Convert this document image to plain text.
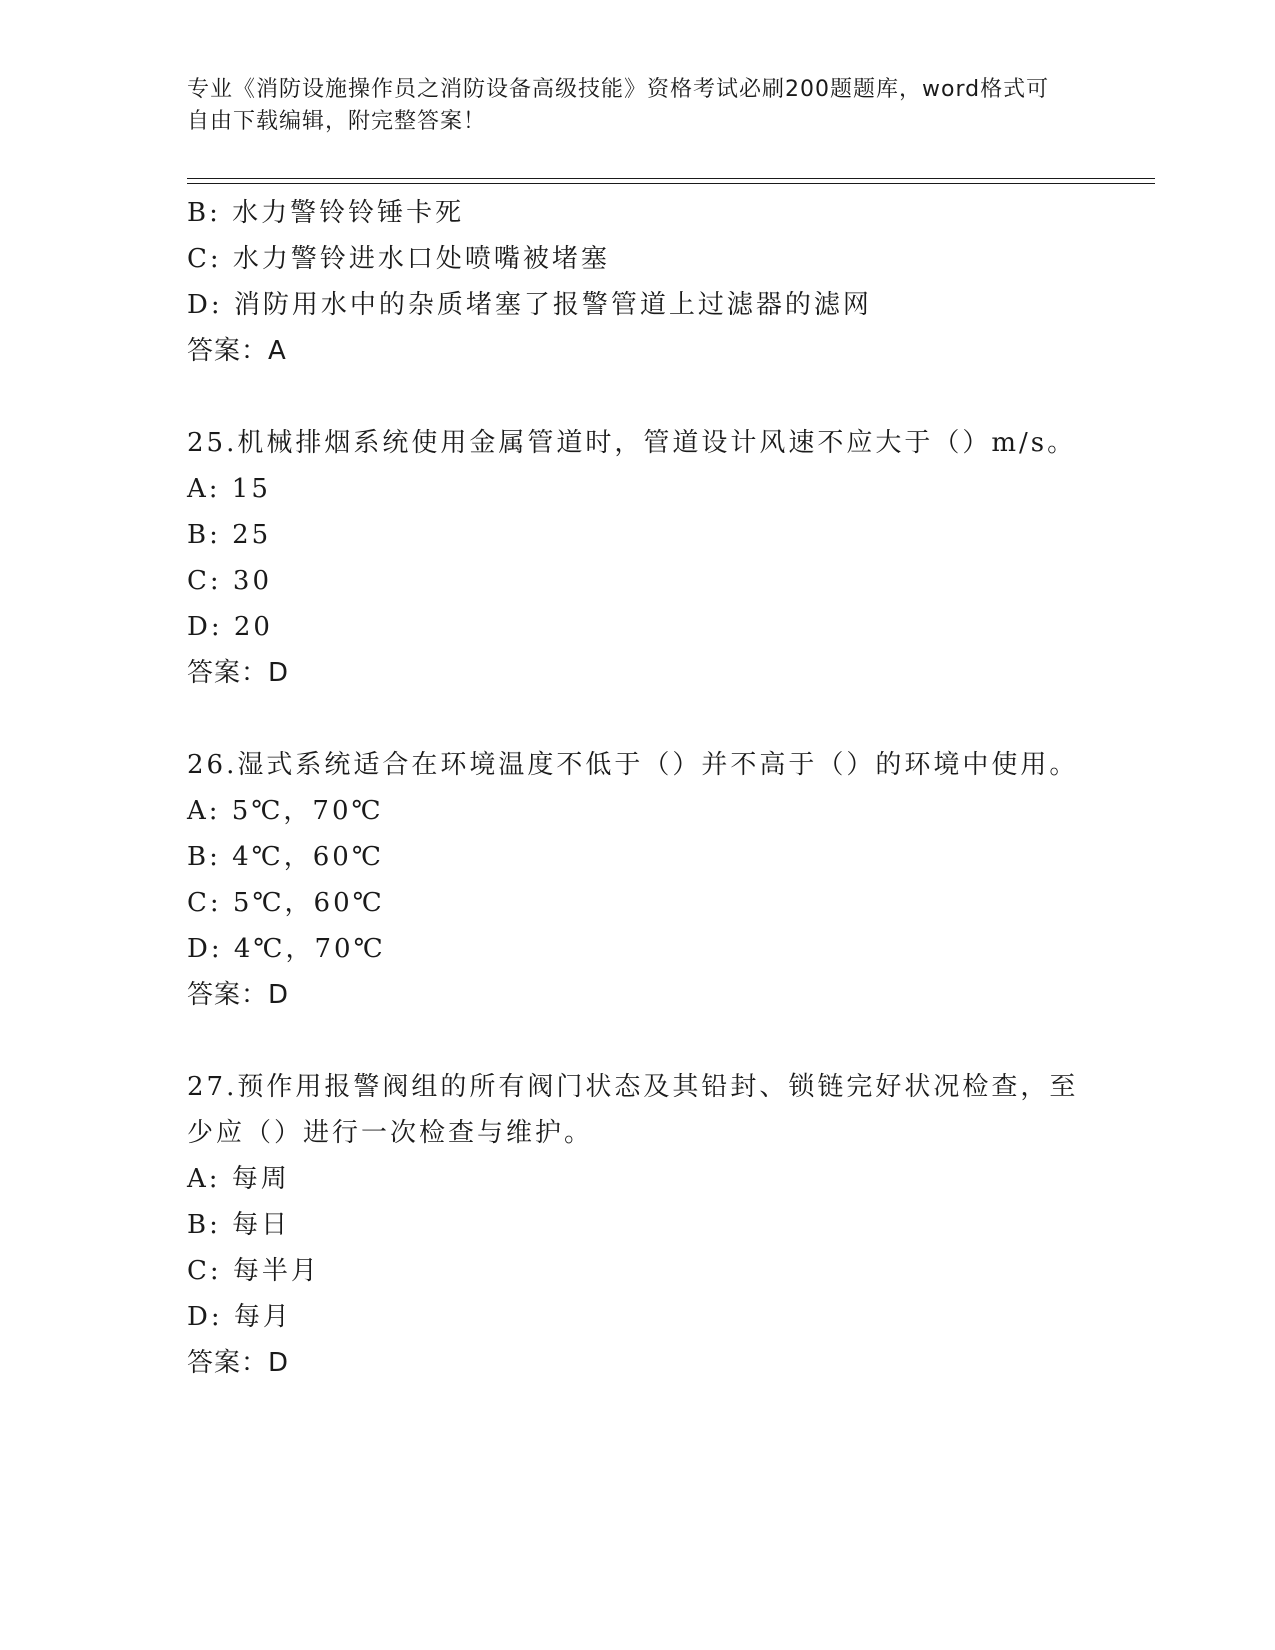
专业《消防设施操作员之消防设备高级技能》资格考试必刷200题题库，word格式可自由下载编辑，附完整答案！
B: 水力警铃铃锤卡死
C: 水力警铃进水口处喷嘴被堵塞
D: 消防用水中的杂质堵塞了报警管道上过滤器的滤网
答案：A
25.机械排烟系统使用金属管道时，管道设计风速不应大于（）m/s。
A: 15
B: 25
C: 30
D: 20
答案：D
26.湿式系统适合在环境温度不低于（）并不高于（）的环境中使用。
A: 5℃，70℃
B: 4℃，60℃
C: 5℃，60℃
D: 4℃，70℃
答案：D
27.预作用报警阀组的所有阀门状态及其铅封、锁链完好状况检查，至
少应（）进行一次检查与维护。
A: 每周
B: 每日
C: 每半月
D: 每月
答案：D
